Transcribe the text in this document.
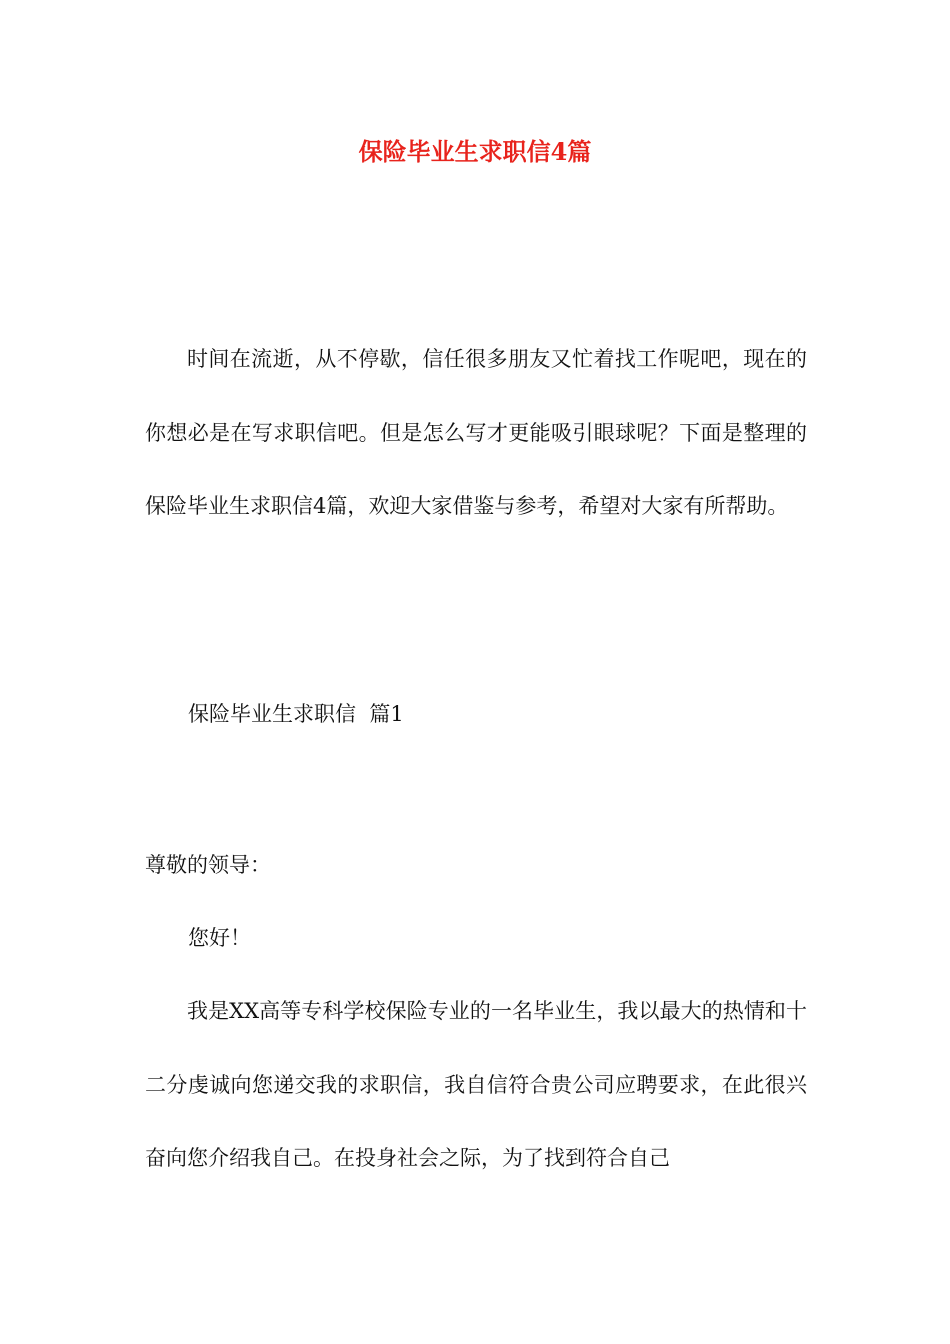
保险毕业生求职信4篇

时间在流逝，从不停歇，信任很多朋友又忙着找工作呢吧，现在的你想必是在写求职信吧。但是怎么写才更能吸引眼球呢？下面是整理的保险毕业生求职信4篇，欢迎大家借鉴与参考，希望对大家有所帮助。

保险毕业生求职信  篇1

尊敬的领导：

您好！

我是XX高等专科学校保险专业的一名毕业生，我以最大的热情和十二分虔诚向您递交我的求职信，我自信符合贵公司应聘要求，在此很兴奋向您介绍我自己。在投身社会之际，为了找到符合自己
